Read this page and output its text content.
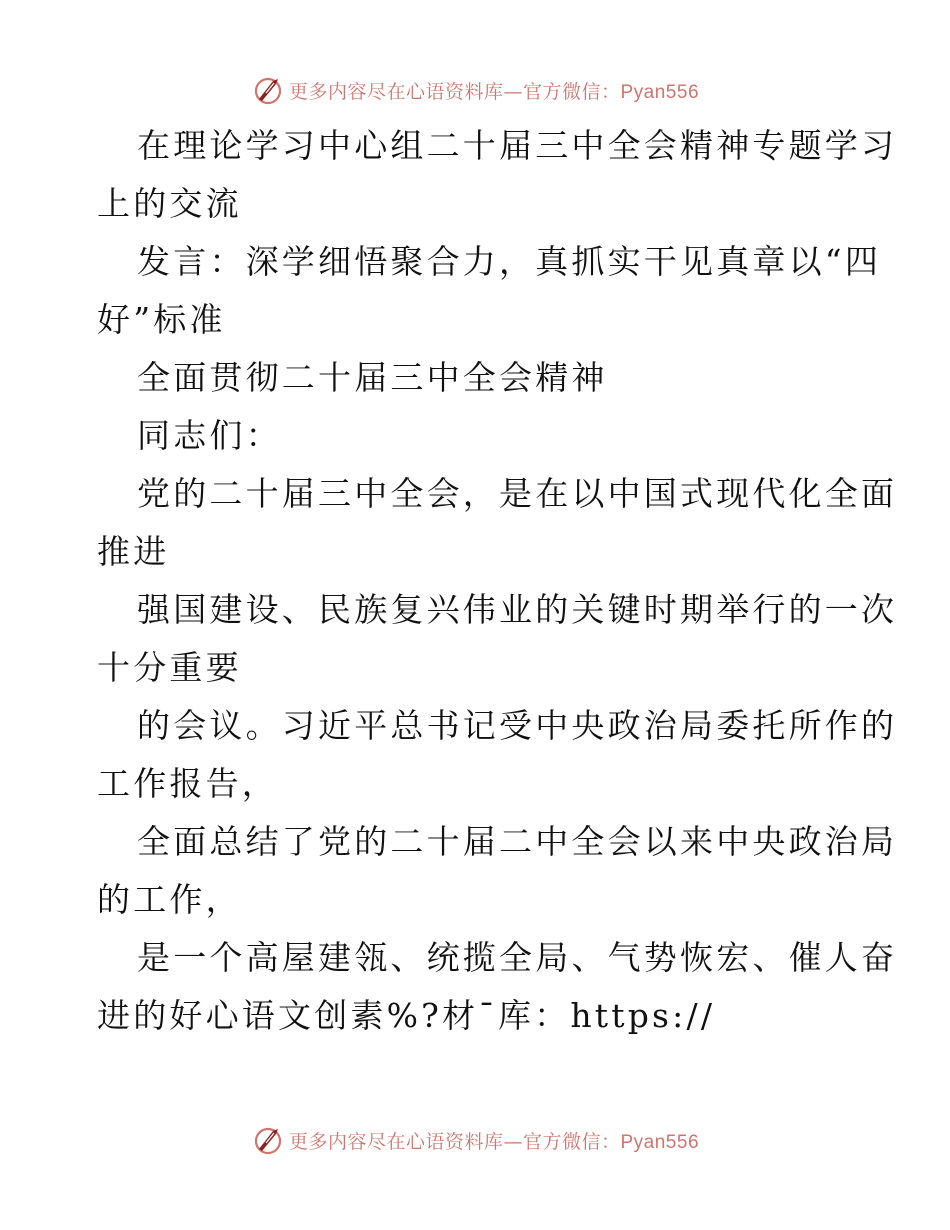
更多内容尽在心语资料库—官方微信：Pyan556
在理论学习中心组二十届三中全会精神专题学习
上的交流
发言：深学细悟聚合力，真抓实干见真章以“四
好”标准
全面贯彻二十届三中全会精神
同志们：
党的二十届三中全会，是在以中国式现代化全面
推进
强国建设、民族复兴伟业的关键时期举行的一次
十分重要
的会议。习近平总书记受中央政治局委托所作的
工作报告，
全面总结了党的二十届二中全会以来中央政治局
的工作，
是一个高屋建瓴、统揽全局、气势恢宏、催人奋
进的好心语文创素%?材¯库：https://
更多内容尽在心语资料库—官方微信：Pyan556
